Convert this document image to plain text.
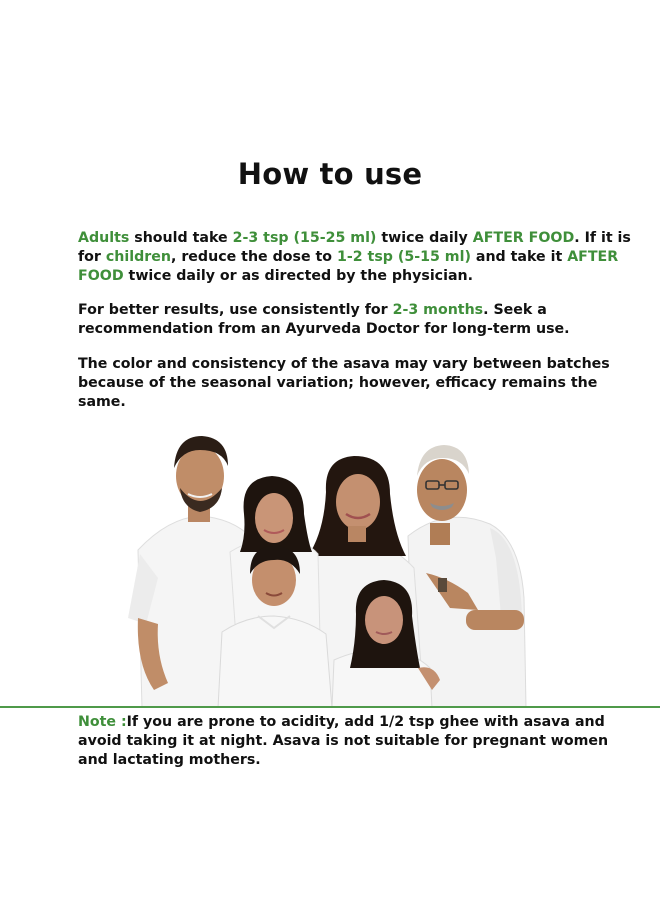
How to use

Adults should take 2-3 tsp (15-25 ml) twice daily AFTER FOOD. If it is for children, reduce the dose to 1-2 tsp (5-15 ml) and take it AFTER FOOD twice daily or as directed by the physician.

For better results, use consistently for 2-3 months. Seek a recommendation from an Ayurveda Doctor for long-term use.

The color and consistency of the asava may vary between batches because of the seasonal variation; however, efficacy remains the same.

Note :If you are prone to acidity, add 1/2 tsp ghee with asava and avoid taking it at night. Asava is not suitable for pregnant women and lactating mothers.
